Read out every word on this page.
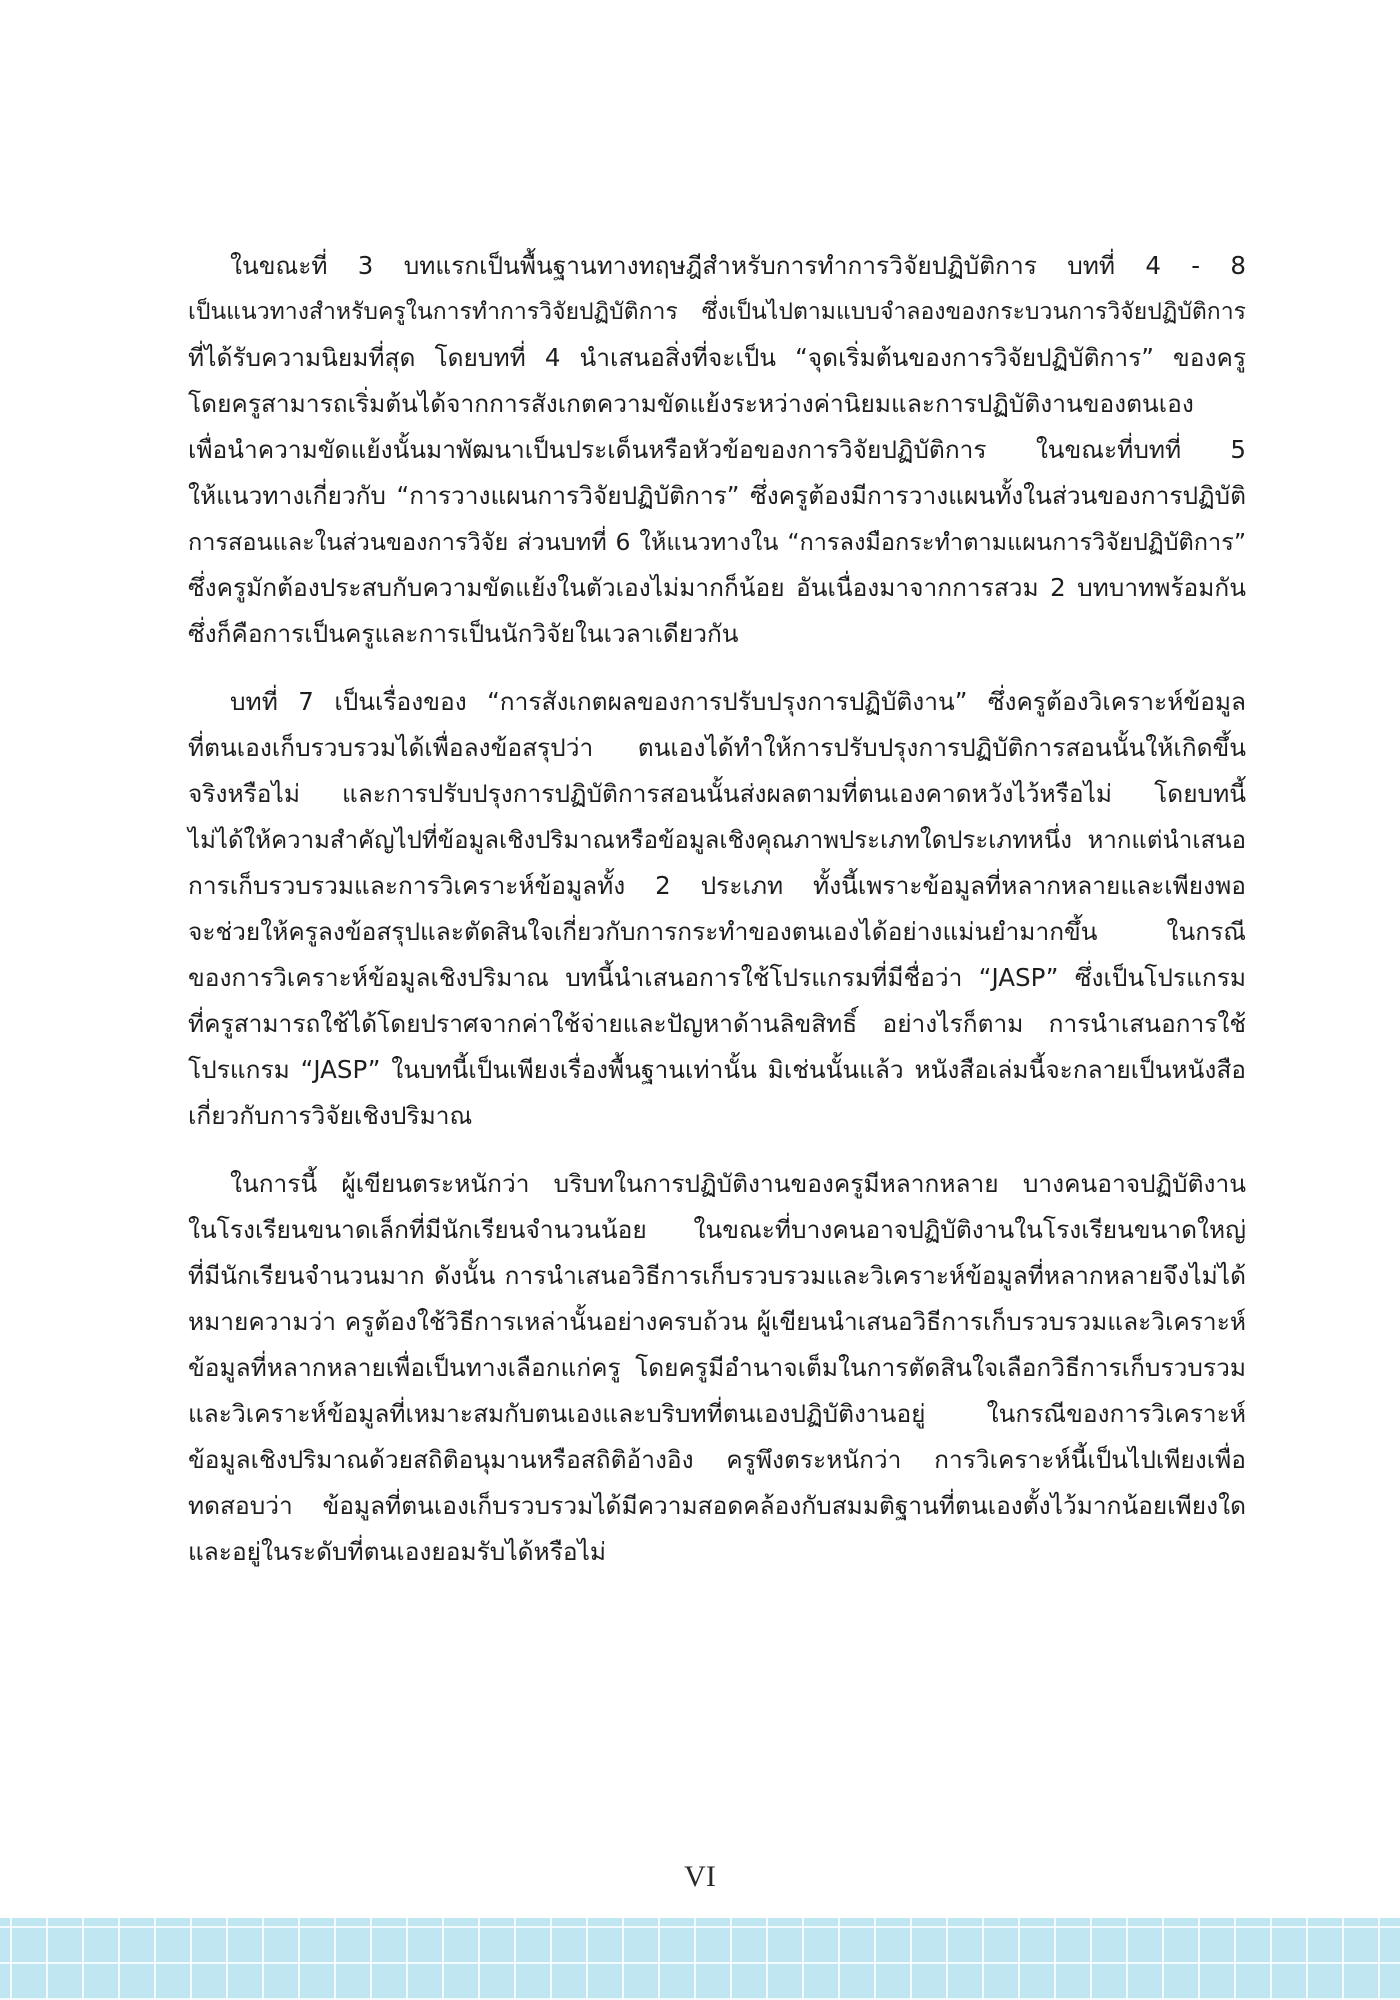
ในขณะที่ 3 บทแรกเป็นพื้นฐานทางทฤษฎีสำหรับการทำการวิจัยปฏิบัติการ บทที่ 4 - 8
เป็นแนวทางสำหรับครูในการทำการวิจัยปฏิบัติการ ซึ่งเป็นไปตามแบบจำลองของกระบวนการวิจัยปฏิบัติการ
ที่ได้รับความนิยมที่สุด โดยบทที่ 4 นำเสนอสิ่งที่จะเป็น “จุดเริ่มต้นของการวิจัยปฏิบัติการ” ของครู
โดยครูสามารถเริ่มต้นได้จากการสังเกตความขัดแย้งระหว่างค่านิยมและการปฏิบัติงานของตนเอง
เพื่อนำความขัดแย้งนั้นมาพัฒนาเป็นประเด็นหรือหัวข้อของการวิจัยปฏิบัติการ ในขณะที่บทที่ 5
ให้แนวทางเกี่ยวกับ “การวางแผนการวิจัยปฏิบัติการ” ซึ่งครูต้องมีการวางแผนทั้งในส่วนของการปฏิบัติ
การสอนและในส่วนของการวิจัย ส่วนบทที่ 6 ให้แนวทางใน “การลงมือกระทำตามแผนการวิจัยปฏิบัติการ”
ซึ่งครูมักต้องประสบกับความขัดแย้งในตัวเองไม่มากก็น้อย อันเนื่องมาจากการสวม 2 บทบาทพร้อมกัน
ซึ่งก็คือการเป็นครูและการเป็นนักวิจัยในเวลาเดียวกัน
บทที่ 7 เป็นเรื่องของ “การสังเกตผลของการปรับปรุงการปฏิบัติงาน” ซึ่งครูต้องวิเคราะห์ข้อมูล
ที่ตนเองเก็บรวบรวมได้เพื่อลงข้อสรุปว่า ตนเองได้ทำให้การปรับปรุงการปฏิบัติการสอนนั้นให้เกิดขึ้น
จริงหรือไม่ และการปรับปรุงการปฏิบัติการสอนนั้นส่งผลตามที่ตนเองคาดหวังไว้หรือไม่ โดยบทนี้
ไม่ได้ให้ความสำคัญไปที่ข้อมูลเชิงปริมาณหรือข้อมูลเชิงคุณภาพประเภทใดประเภทหนึ่ง หากแต่นำเสนอ
การเก็บรวบรวมและการวิเคราะห์ข้อมูลทั้ง 2 ประเภท ทั้งนี้เพราะข้อมูลที่หลากหลายและเพียงพอ
จะช่วยให้ครูลงข้อสรุปและตัดสินใจเกี่ยวกับการกระทำของตนเองได้อย่างแม่นยำมากขึ้น ในกรณี
ของการวิเคราะห์ข้อมูลเชิงปริมาณ บทนี้นำเสนอการใช้โปรแกรมที่มีชื่อว่า “JASP” ซึ่งเป็นโปรแกรม
ที่ครูสามารถใช้ได้โดยปราศจากค่าใช้จ่ายและปัญหาด้านลิขสิทธิ์ อย่างไรก็ตาม การนำเสนอการใช้
โปรแกรม “JASP” ในบทนี้เป็นเพียงเรื่องพื้นฐานเท่านั้น มิเช่นนั้นแล้ว หนังสือเล่มนี้จะกลายเป็นหนังสือ
เกี่ยวกับการวิจัยเชิงปริมาณ
ในการนี้ ผู้เขียนตระหนักว่า บริบทในการปฏิบัติงานของครูมีหลากหลาย บางคนอาจปฏิบัติงาน
ในโรงเรียนขนาดเล็กที่มีนักเรียนจำนวนน้อย ในขณะที่บางคนอาจปฏิบัติงานในโรงเรียนขนาดใหญ่
ที่มีนักเรียนจำนวนมาก ดังนั้น การนำเสนอวิธีการเก็บรวบรวมและวิเคราะห์ข้อมูลที่หลากหลายจึงไม่ได้
หมายความว่า ครูต้องใช้วิธีการเหล่านั้นอย่างครบถ้วน ผู้เขียนนำเสนอวิธีการเก็บรวบรวมและวิเคราะห์
ข้อมูลที่หลากหลายเพื่อเป็นทางเลือกแก่ครู โดยครูมีอำนาจเต็มในการตัดสินใจเลือกวิธีการเก็บรวบรวม
และวิเคราะห์ข้อมูลที่เหมาะสมกับตนเองและบริบทที่ตนเองปฏิบัติงานอยู่ ในกรณีของการวิเคราะห์
ข้อมูลเชิงปริมาณด้วยสถิติอนุมานหรือสถิติอ้างอิง ครูพึงตระหนักว่า การวิเคราะห์นี้เป็นไปเพียงเพื่อ
ทดสอบว่า ข้อมูลที่ตนเองเก็บรวบรวมได้มีความสอดคล้องกับสมมติฐานที่ตนเองตั้งไว้มากน้อยเพียงใด
และอยู่ในระดับที่ตนเองยอมรับได้หรือไม่
VI
